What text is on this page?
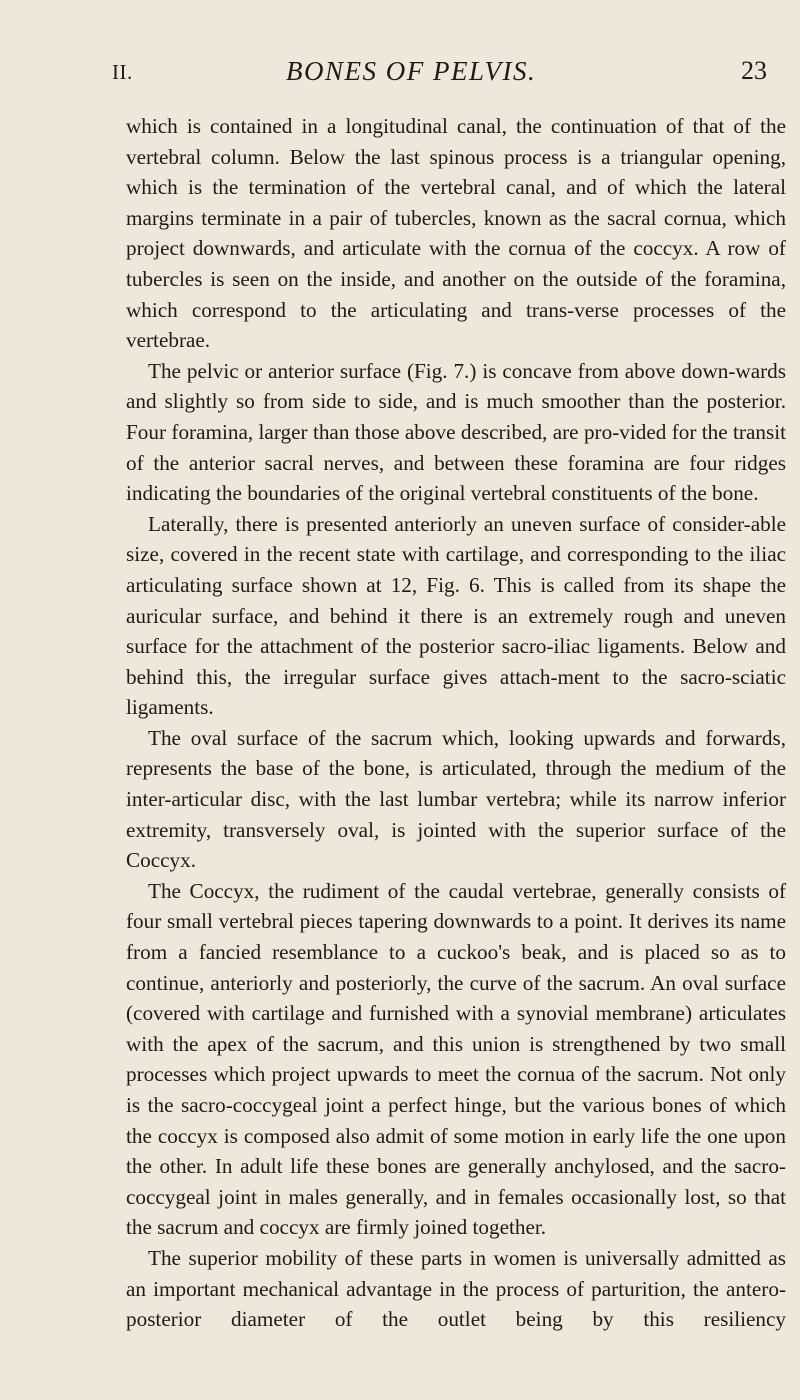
II.	BONES OF PELVIS.	23

which is contained in a longitudinal canal, the continuation of that of the vertebral column. Below the last spinous process is a triangular opening, which is the termination of the vertebral canal, and of which the lateral margins terminate in a pair of tubercles, known as the sacral cornua, which project downwards, and articulate with the cornua of the coccyx. A row of tubercles is seen on the inside, and another on the outside of the foramina, which correspond to the articulating and trans-verse processes of the vertebrae.

The pelvic or anterior surface (Fig. 7.) is concave from above down-wards and slightly so from side to side, and is much smoother than the posterior. Four foramina, larger than those above described, are pro-vided for the transit of the anterior sacral nerves, and between these foramina are four ridges indicating the boundaries of the original vertebral constituents of the bone.

Laterally, there is presented anteriorly an uneven surface of consider-able size, covered in the recent state with cartilage, and corresponding to the iliac articulating surface shown at 12, Fig. 6. This is called from its shape the auricular surface, and behind it there is an extremely rough and uneven surface for the attachment of the posterior sacro-iliac ligaments. Below and behind this, the irregular surface gives attach-ment to the sacro-sciatic ligaments.

The oval surface of the sacrum which, looking upwards and forwards, represents the base of the bone, is articulated, through the medium of the inter-articular disc, with the last lumbar vertebra; while its narrow inferior extremity, transversely oval, is jointed with the superior surface of the Coccyx.

The Coccyx, the rudiment of the caudal vertebrae, generally consists of four small vertebral pieces tapering downwards to a point. It derives its name from a fancied resemblance to a cuckoo's beak, and is placed so as to continue, anteriorly and posteriorly, the curve of the sacrum. An oval surface (covered with cartilage and furnished with a synovial membrane) articulates with the apex of the sacrum, and this union is strengthened by two small processes which project upwards to meet the cornua of the sacrum. Not only is the sacro-coccygeal joint a perfect hinge, but the various bones of which the coccyx is composed also admit of some motion in early life the one upon the other. In adult life these bones are generally anchylosed, and the sacro-coccygeal joint in males generally, and in females occasionally lost, so that the sacrum and coccyx are firmly joined together.

The superior mobility of these parts in women is universally admitted as an important mechanical advantage in the process of parturition, the antero-posterior diameter of the outlet being by this resiliency
